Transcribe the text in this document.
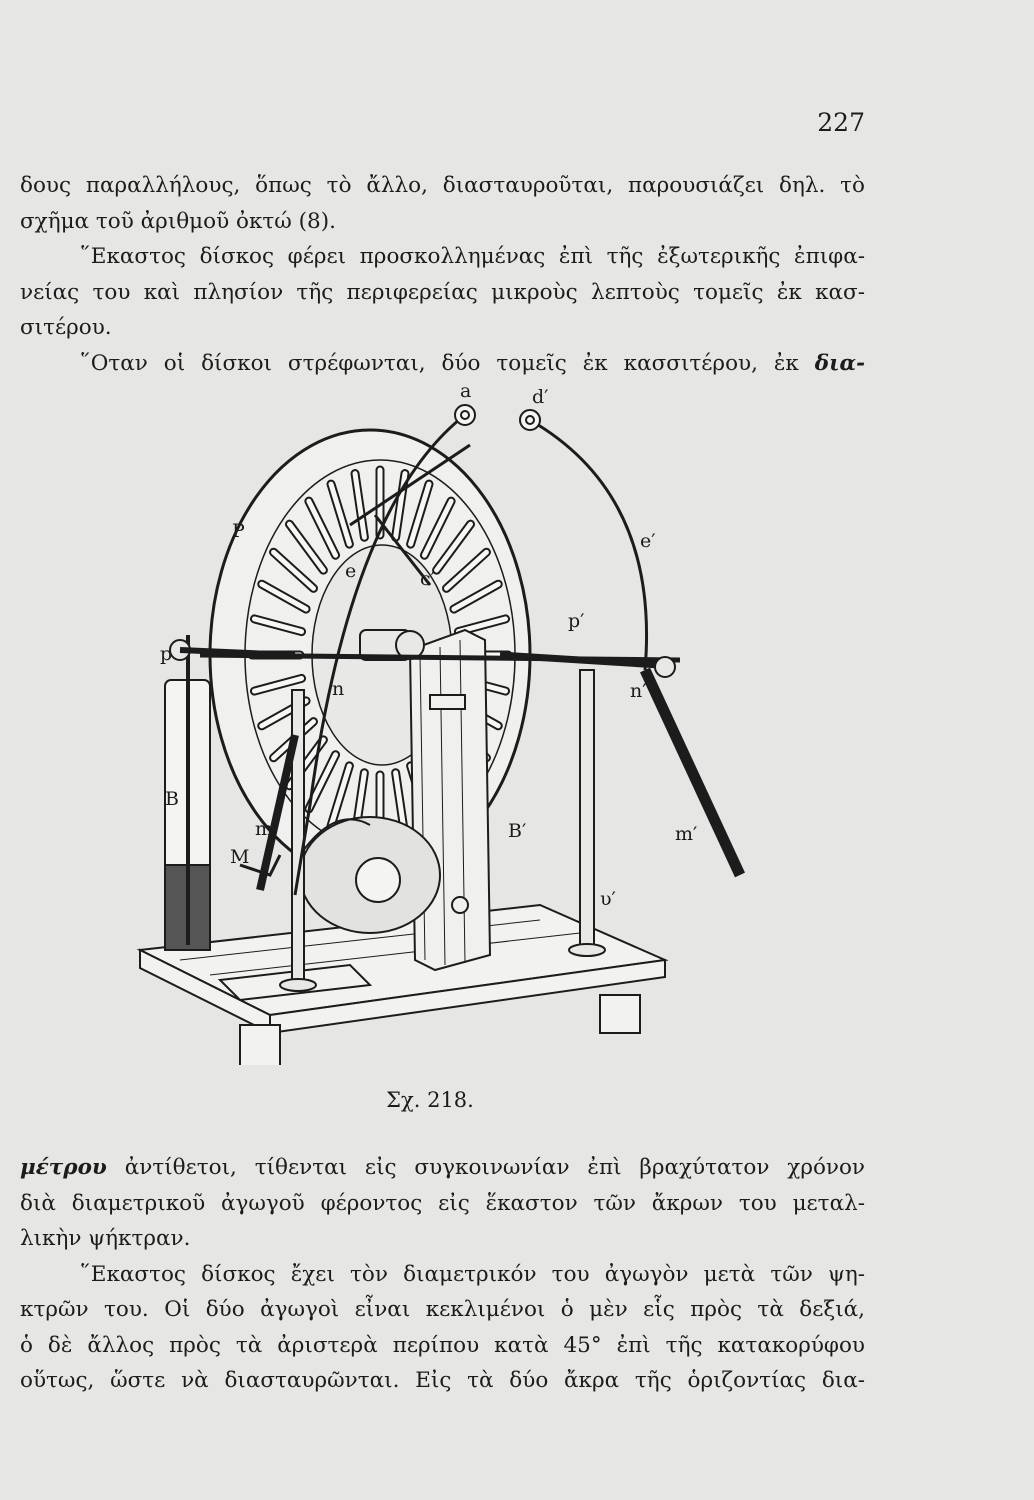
227

δους παραλλήλους, ὅπως τὸ ἄλλο, διασταυροῦται, παρουσιάζει δηλ. τὸ
σχῆμα τοῦ ἀριθμοῦ ὀκτώ (8).

῞Εκαστος δίσκος φέρει προσκολλημένας ἐπὶ τῆς ἐξωτερικῆς ἐπιφα-
νείας του καὶ πλησίον τῆς περιφερείας μικροὺς λεπτοὺς τομεῖς ἐκ κασ-
σιτέρου.

῞Οταν οἱ δίσκοι στρέφωνται, δύο τομεῖς ἐκ κασσιτέρου, ἐκ δια-

a	d′
P
e	c′
e′
p
p′
n	n′
B
B′
m	m′
M
υ′
Σχ. 218.

μέτρου ἀντίθετοι, τίθενται εἰς συγκοινωνίαν ἐπὶ βραχύτατον χρόνον
διὰ διαμετρικοῦ ἀγωγοῦ φέροντος εἰς ἕκαστον τῶν ἄκρων του μεταλ-
λικὴν ψήκτραν.

῞Εκαστος δίσκος ἔχει τὸν διαμετρικόν του ἀγωγὸν μετὰ τῶν ψη-
κτρῶν του. Οἱ δύο ἀγωγοὶ εἶναι κεκλιμένοι ὁ μὲν εἷς πρὸς τὰ δεξιά,
ὁ δὲ ἄλλος πρὸς τὰ ἀριστερὰ περίπου κατὰ 45° ἐπὶ τῆς κατακορύφου
οὕτως, ὥστε νὰ διασταυρῶνται. Εἰς τὰ δύο ἄκρα τῆς ὁριζοντίας δια-
